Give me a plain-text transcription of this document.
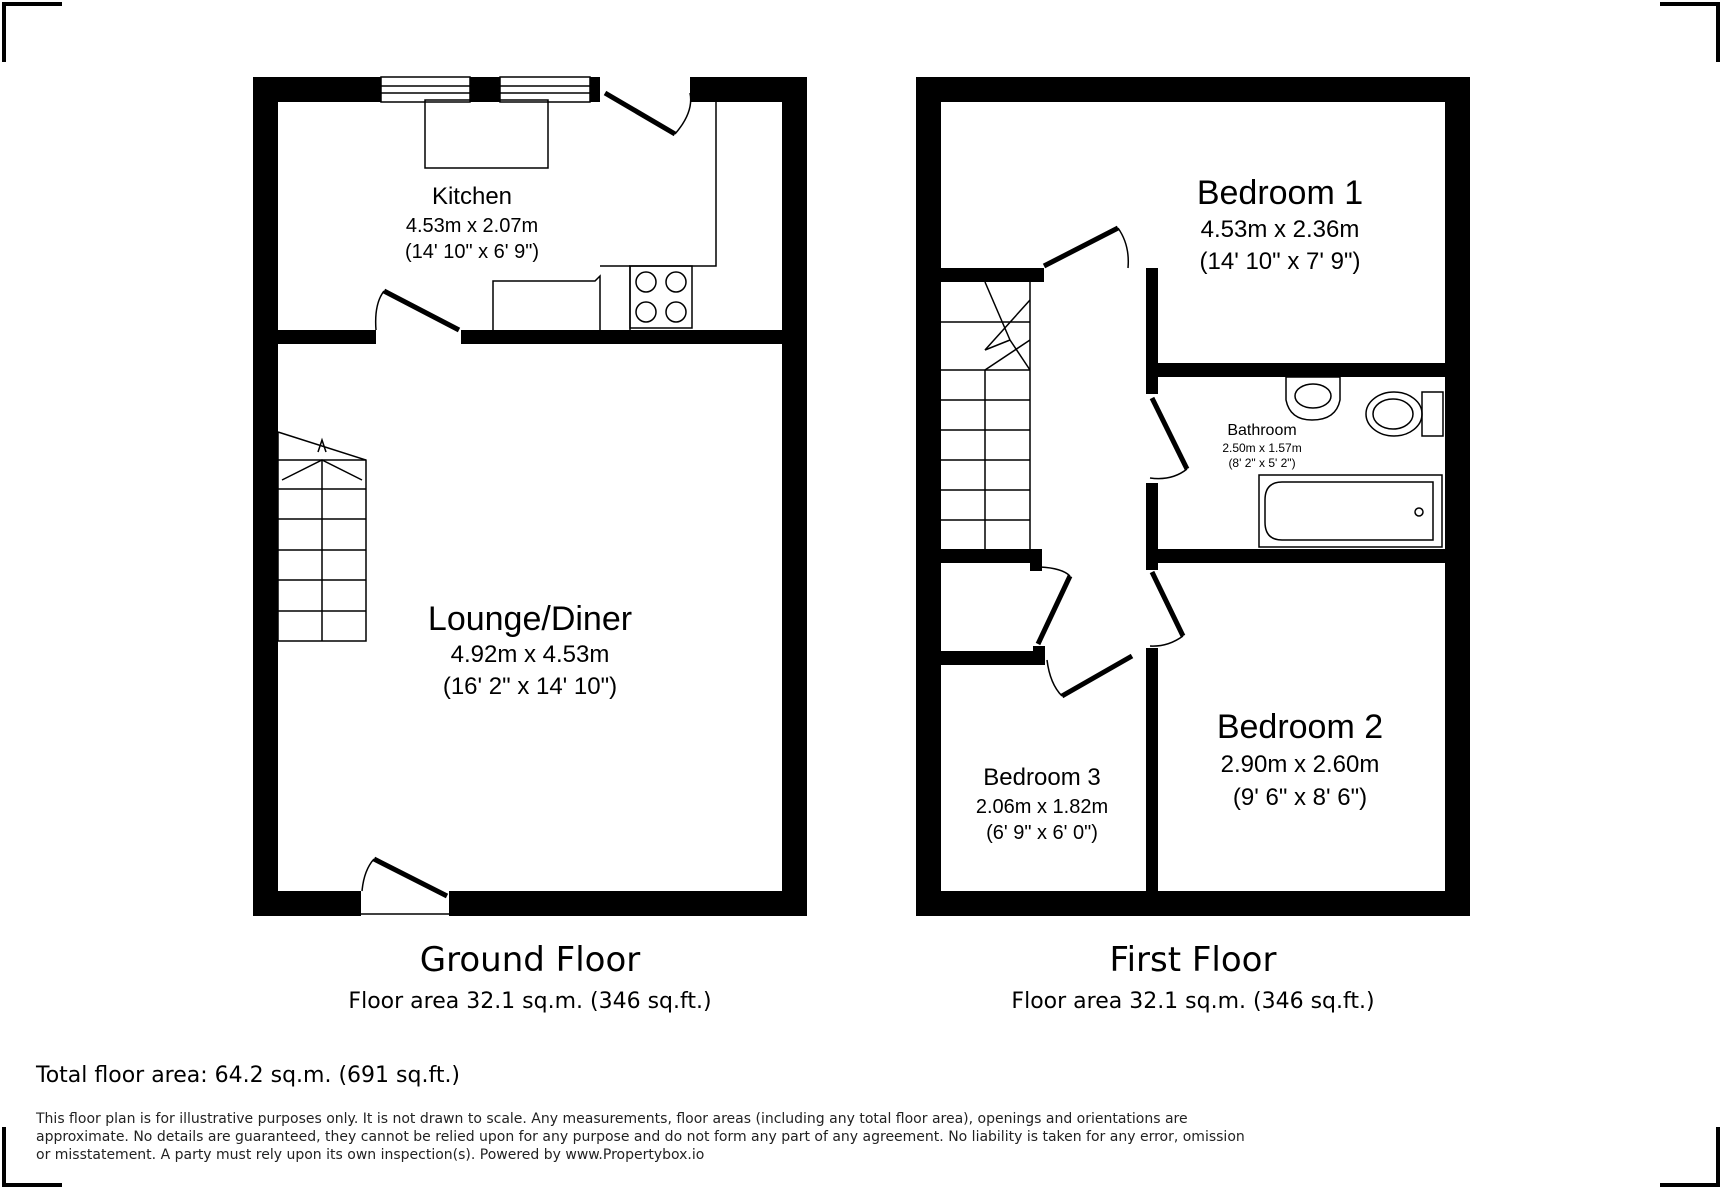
Kitchen
4.53m x 2.07m
(14' 10" x 6' 9")
Lounge/Diner
4.92m x 4.53m
(16' 2" x 14' 10")
Ground Floor
Floor area 32.1 sq.m. (346 sq.ft.)
Bedroom 1
4.53m x 2.36m
(14' 10" x 7' 9")
Bathroom
2.50m x 1.57m
(8' 2" x 5' 2")
Bedroom 2
2.90m x 2.60m
(9' 6" x 8' 6")
Bedroom 3
2.06m x 1.82m
(6' 9" x 6' 0")
First Floor
Floor area 32.1 sq.m. (346 sq.ft.)
Total floor area: 64.2 sq.m. (691 sq.ft.)
This floor plan is for illustrative purposes only. It is not drawn to scale. Any measurements, floor areas (including any total floor area), openings and orientations are approximate. No details are guaranteed, they cannot be relied upon for any purpose and do not form any part of any agreement. No liability is taken for any error, omission or misstatement. A party must rely upon its own inspection(s). Powered by www.Propertybox.io
